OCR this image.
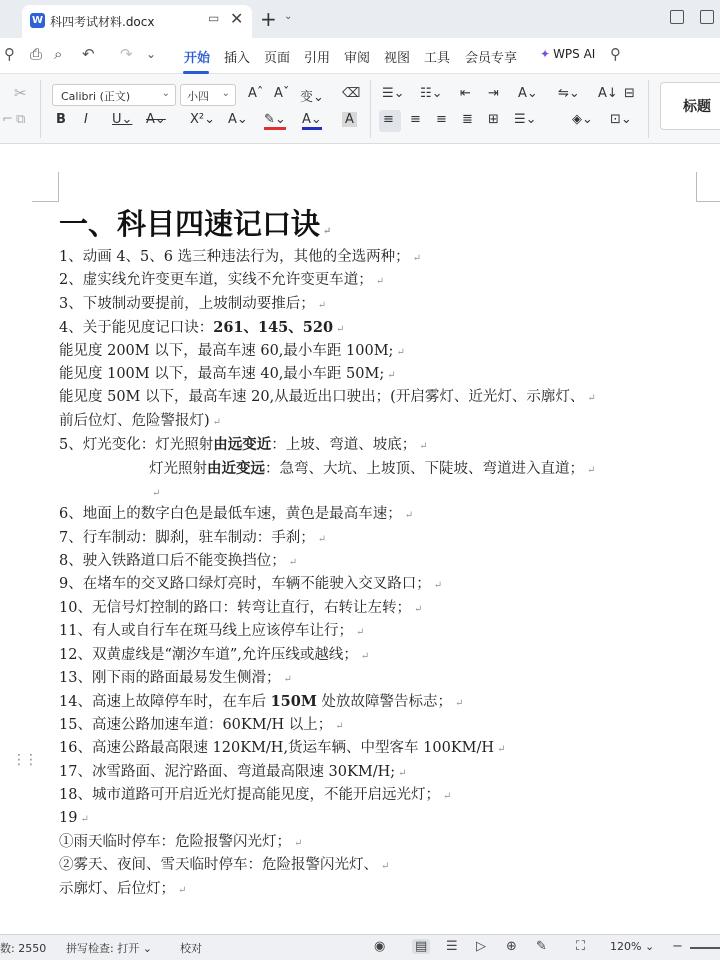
W 科四考试材料.docx	▭ ✕ + ⌄
⚲ ⎙ ⌕ ↶ ↷ ⌄ 开始 插入 页面 引用 审阅 视图 工具 会员专享 ✦ WPS AI ⚲
✂
⌐ ⧉
Calibri (正文)	⌄	小四 ⌄ Aˆ Aˇ 变⌄ ⌫
B I U⌄ A⌄ X²⌄ A⌄ ✎⌄ A⌄ A
☰⌄ ☷⌄ ⇤ ⇥ A⌄ ⇋⌄ A↓ ⊟
≡ ≡ ≡ ≣ ⊞ ☰⌄	◈⌄ ⊡⌄
标题
⋮⋮
一、科目四速记口诀 ↵
1、动画 4、5、6 选三种违法行为，其他的全选两种； ↵
2、虚实线允许变更车道，实线不允许变更车道； ↵
3、下坡制动要提前，上坡制动要推后； ↵
4、关于能见度记口诀：261、145、520 ↵
能见度 200M 以下，最高车速 60,最小车距 100M; ↵
能见度 100M 以下，最高车速 40,最小车距 50M; ↵
能见度 50M 以下，最高车速 20,从最近出口驶出；(开启雾灯、近光灯、示廓灯、 ↵
前后位灯、危险警报灯) ↵
5、灯光变化：灯光照射由远变近：上坡、弯道、坡底； ↵
灯光照射由近变远：急弯、大坑、上坡顶、下陡坡、弯道进入直道； ↵
↵
6、地面上的数字白色是最低车速，黄色是最高车速； ↵
7、行车制动：脚刹，驻车制动：手刹； ↵
8、驶入铁路道口后不能变换挡位； ↵
9、在堵车的交叉路口绿灯亮时，车辆不能驶入交叉路口； ↵
10、无信号灯控制的路口：转弯让直行，右转让左转； ↵
11、有人或自行车在斑马线上应该停车让行； ↵
12、双黄虚线是“潮汐车道”,允许压线或越线； ↵
13、刚下雨的路面最易发生侧滑； ↵
14、高速上故障停车时，在车后 150M 处放故障警告标志； ↵
15、高速公路加速车道：60KM/H 以上； ↵
16、高速公路最高限速 120KM/H,货运车辆、中型客车 100KM/H ↵
17、冰雪路面、泥泞路面、弯道最高限速 30KM/H; ↵
18、城市道路可开启近光灯提高能见度，不能开启远光灯； ↵
19 ↵
①雨天临时停车：危险报警闪光灯； ↵
②雾天、夜间、雪天临时停车：危险报警闪光灯、 ↵
示廓灯、后位灯； ↵
数: 2550 拼写检查: 打开 ⌄	校对	◉ ▤ ☰ ▷ ⊕ ✎ ⛶ 120% ⌄ −
